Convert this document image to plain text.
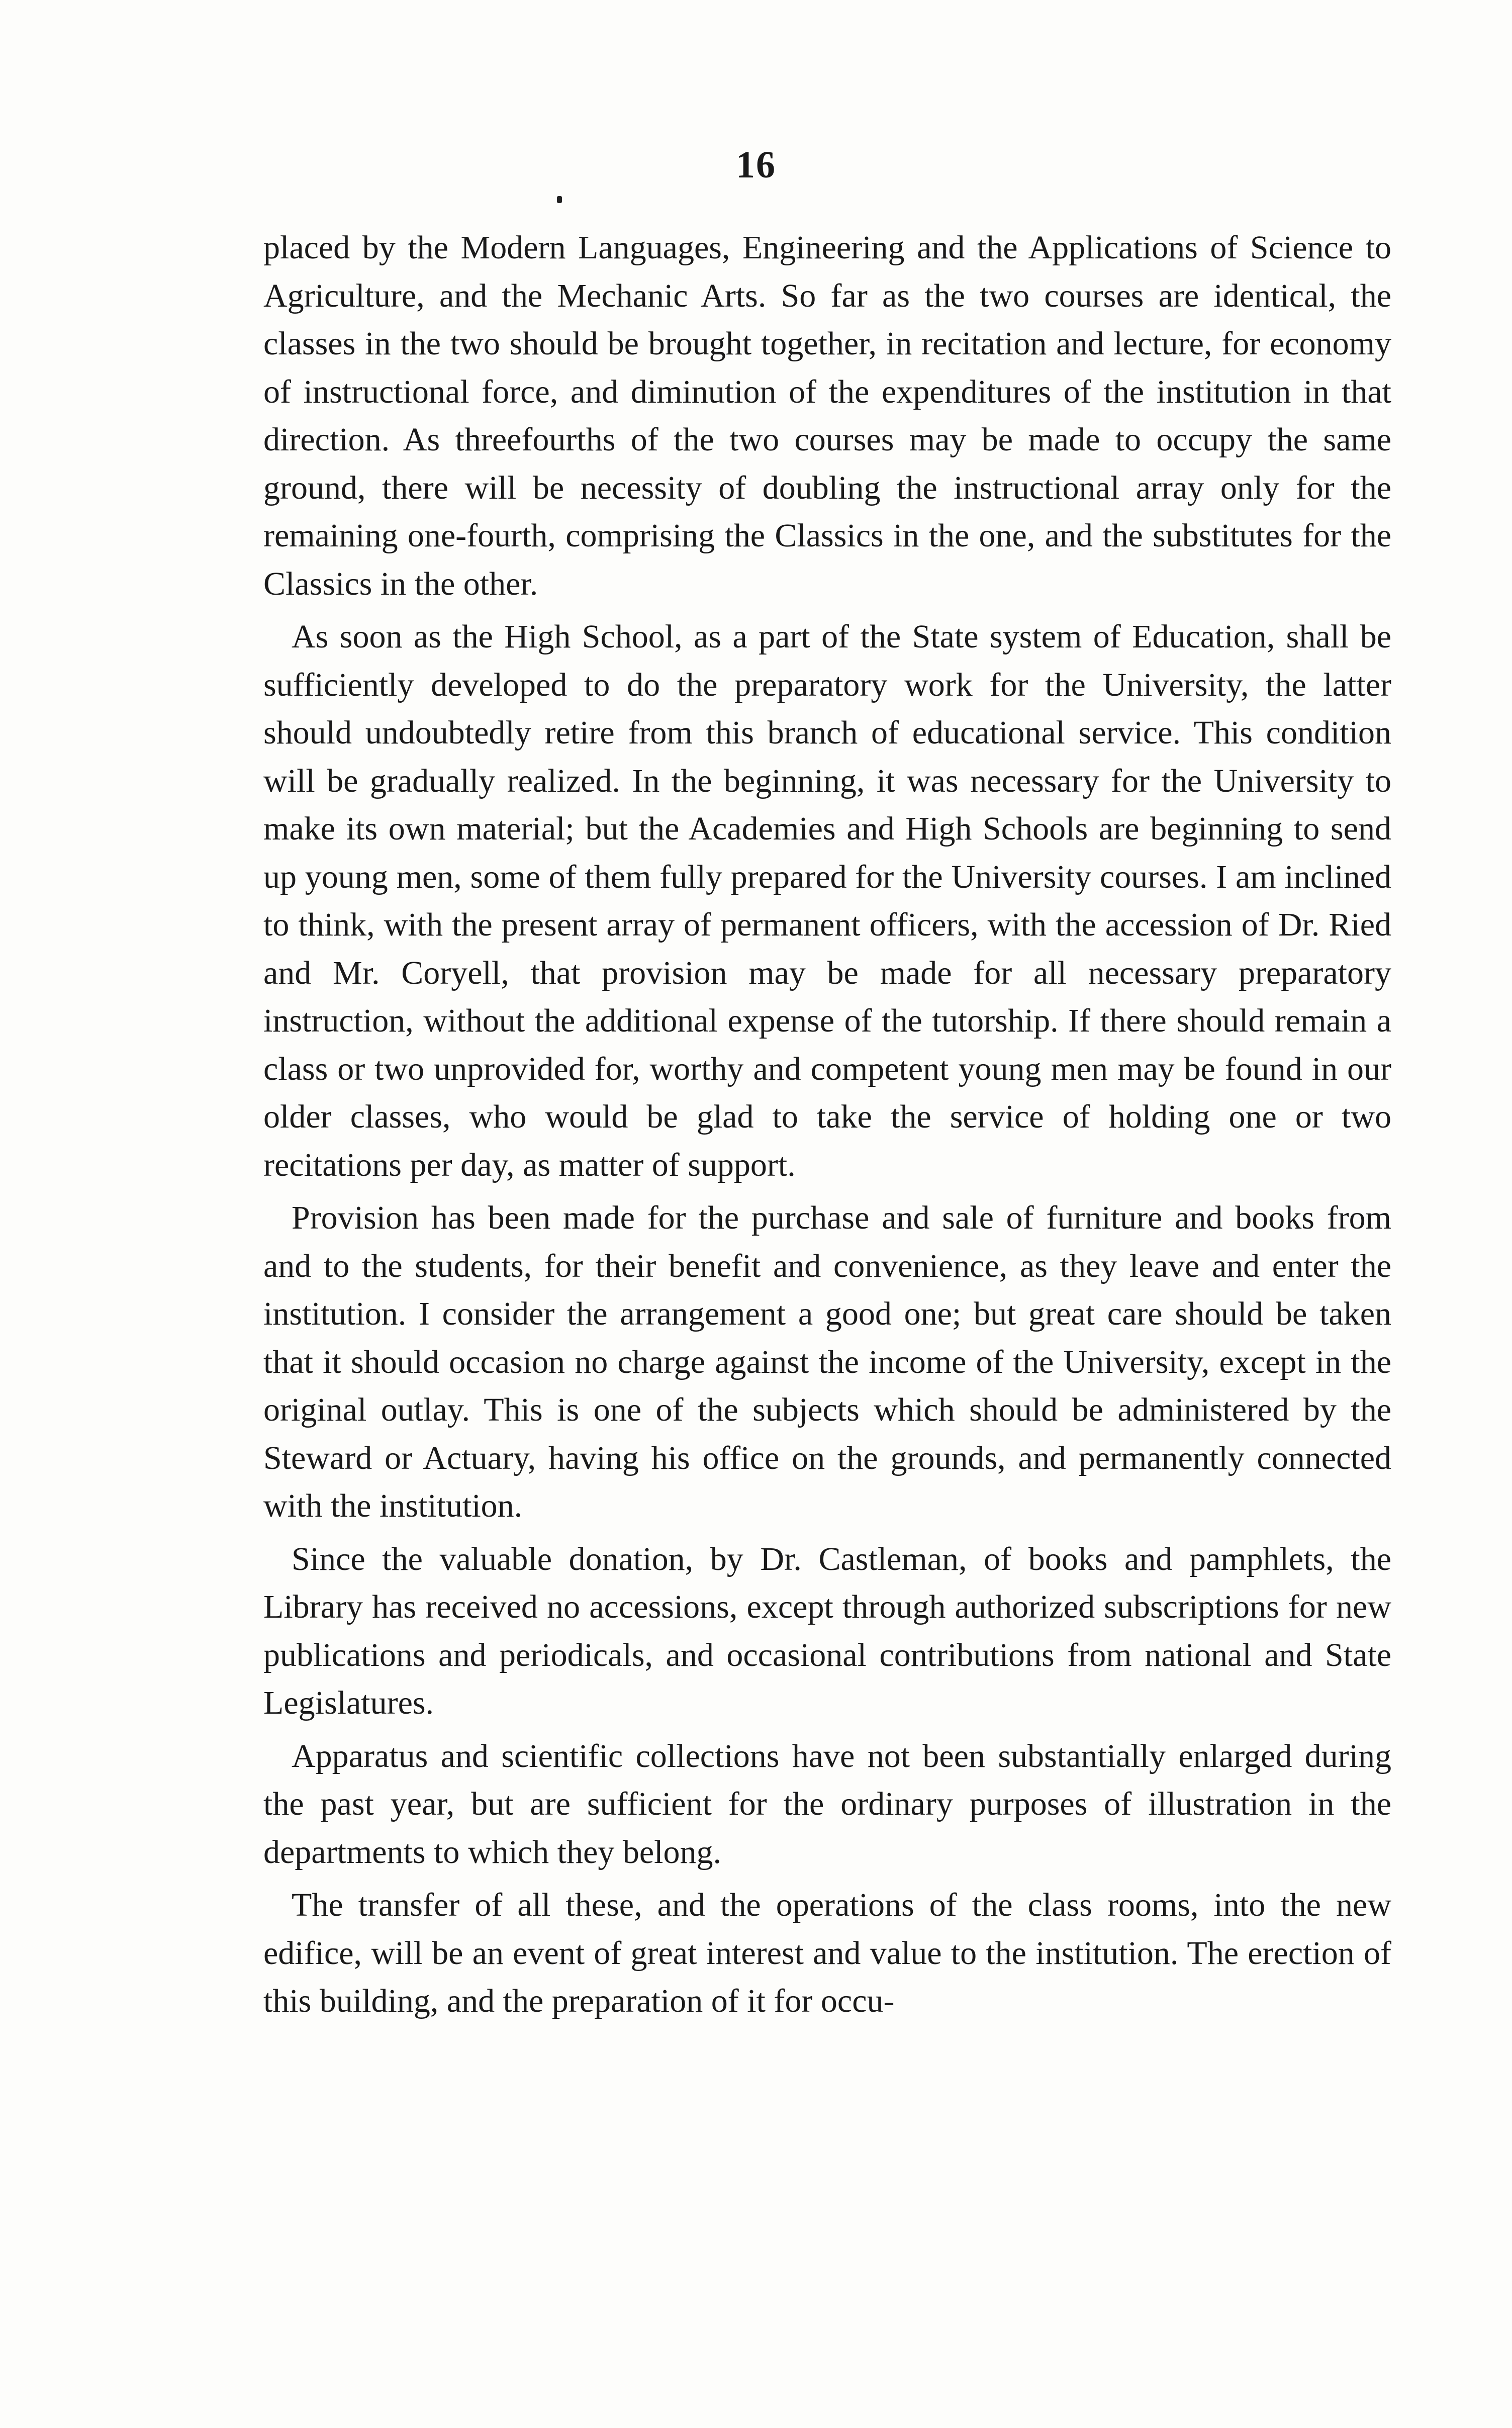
16

placed by the Modern Languages, Engineering and the Applications of Science to Agriculture, and the Mechanic Arts. So far as the two courses are identical, the classes in the two should be brought together, in recitation and lecture, for economy of instructional force, and diminution of the expenditures of the institution in that direction. As threefourths of the two courses may be made to occupy the same ground, there will be necessity of doubling the instructional array only for the remaining one-fourth, comprising the Classics in the one, and the substitutes for the Classics in the other.

As soon as the High School, as a part of the State system of Education, shall be sufficiently developed to do the preparatory work for the University, the latter should undoubtedly retire from this branch of educational service. This condition will be gradually realized. In the beginning, it was necessary for the University to make its own material; but the Academies and High Schools are beginning to send up young men, some of them fully prepared for the University courses. I am inclined to think, with the present array of permanent officers, with the accession of Dr. Ried and Mr. Coryell, that provision may be made for all necessary preparatory instruction, without the additional expense of the tutorship. If there should remain a class or two unprovided for, worthy and competent young men may be found in our older classes, who would be glad to take the service of holding one or two recitations per day, as matter of support.

Provision has been made for the purchase and sale of furniture and books from and to the students, for their benefit and convenience, as they leave and enter the institution. I consider the arrangement a good one; but great care should be taken that it should occasion no charge against the income of the University, except in the original outlay. This is one of the subjects which should be administered by the Steward or Actuary, having his office on the grounds, and permanently connected with the institution.

Since the valuable donation, by Dr. Castleman, of books and pamphlets, the Library has received no accessions, except through authorized subscriptions for new publications and periodicals, and occasional contributions from national and State Legislatures.

Apparatus and scientific collections have not been substantially enlarged during the past year, but are sufficient for the ordinary purposes of illustration in the departments to which they belong.

The transfer of all these, and the operations of the class rooms, into the new edifice, will be an event of great interest and value to the institution. The erection of this building, and the preparation of it for occu-
